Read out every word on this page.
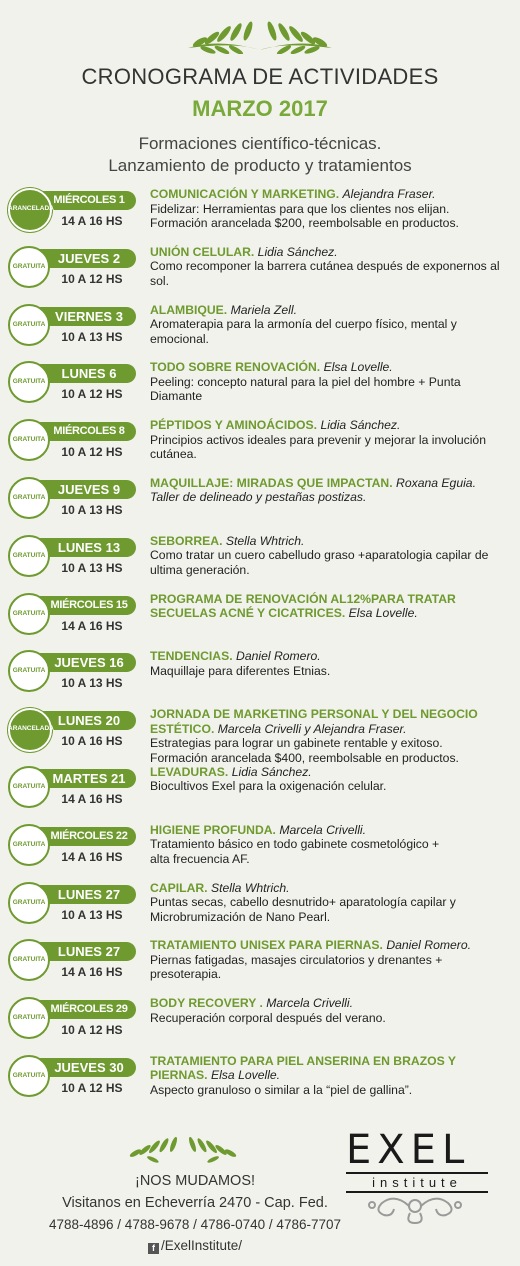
CRONOGRAMA DE ACTIVIDADES
MARZO 2017
Formaciones científico-técnicas.
Lanzamiento de producto y tratamientos
MIÉRCOLES 1
ARANCELADA
14 A 16 HS
COMUNICACIÓN Y MARKETING. Alejandra Fraser.
Fidelizar: Herramientas para que los clientes nos elijan.
Formación arancelada $200, reembolsable en productos.
JUEVES 2
GRATUITA
10 A 12 HS
UNIÓN CELULAR. Lidia Sánchez.
Como recomponer la barrera cutánea después de exponernos al sol.
VIERNES 3
GRATUITA
10 A 13 HS
ALAMBIQUE. Mariela Zell.
Aromaterapia para la armonía del cuerpo físico, mental y emocional.
LUNES 6
GRATUITA
10 A 12 HS
TODO SOBRE RENOVACIÓN. Elsa Lovelle.
Peeling: concepto natural para la piel del hombre + Punta Diamante
MIÉRCOLES 8
GRATUITA
10 A 12 HS
PÉPTIDOS Y AMINOÁCIDOS. Lidia Sánchez.
Principios activos ideales para prevenir y mejorar la involución cutánea.
JUEVES 9
GRATUITA
10 A 13 HS
MAQUILLAJE: MIRADAS QUE IMPACTAN. Roxana Eguia.
Taller de delineado y pestañas postizas.
LUNES 13
GRATUITA
10 A 13 HS
SEBORREA. Stella Whtrich.
Como tratar un cuero cabelludo graso +aparatologia capilar de ultima generación.
MIÉRCOLES 15
GRATUITA
14 A 16 HS
PROGRAMA DE RENOVACIÓN AL12%PARA TRATAR SECUELAS ACNÉ Y CICATRICES. Elsa Lovelle.
JUEVES 16
GRATUITA
10 A 13 HS
TENDENCIAS. Daniel Romero.
Maquillaje para diferentes Etnias.
LUNES 20
ARANCELADA
10 A 16 HS
JORNADA DE MARKETING PERSONAL Y DEL NEGOCIO ESTÉTICO. Marcela Crivelli y Alejandra Fraser.
Estrategias para lograr un gabinete rentable y exitoso.
Formación arancelada $400, reembolsable en productos.
MARTES 21
GRATUITA
14 A 16 HS
LEVADURAS. Lidia Sánchez.
Biocultivos Exel para la oxigenación celular.
MIÉRCOLES 22
GRATUITA
14 A 16 HS
HIGIENE PROFUNDA. Marcela Crivelli.
Tratamiento básico en todo gabinete cosmetológico +
alta frecuencia AF.
LUNES 27
GRATUITA
10 A 13 HS
CAPILAR. Stella Whtrich.
Puntas secas, cabello desnutrido+ aparatología capilar y
Microbrumización de Nano Pearl.
LUNES 27
GRATUITA
14 A 16 HS
TRATAMIENTO UNISEX PARA PIERNAS. Daniel Romero.
Piernas fatigadas, masajes circulatorios y drenantes + presoterapia.
MIÉRCOLES 29
GRATUITA
10 A 12 HS
BODY RECOVERY . Marcela Crivelli.
Recuperación corporal después del verano.
JUEVES 30
GRATUITA
10 A 12 HS
TRATAMIENTO PARA PIEL ANSERINA EN BRAZOS Y PIERNAS. Elsa Lovelle.
Aspecto granuloso o similar a la “piel de gallina”.
¡NOS MUDAMOS!
Visitanos en Echeverría 2470 - Cap. Fed.
4788-4896 / 4788-9678 / 4786-0740 / 4786-7707
f /ExelInstitute/
EXEL
institute
